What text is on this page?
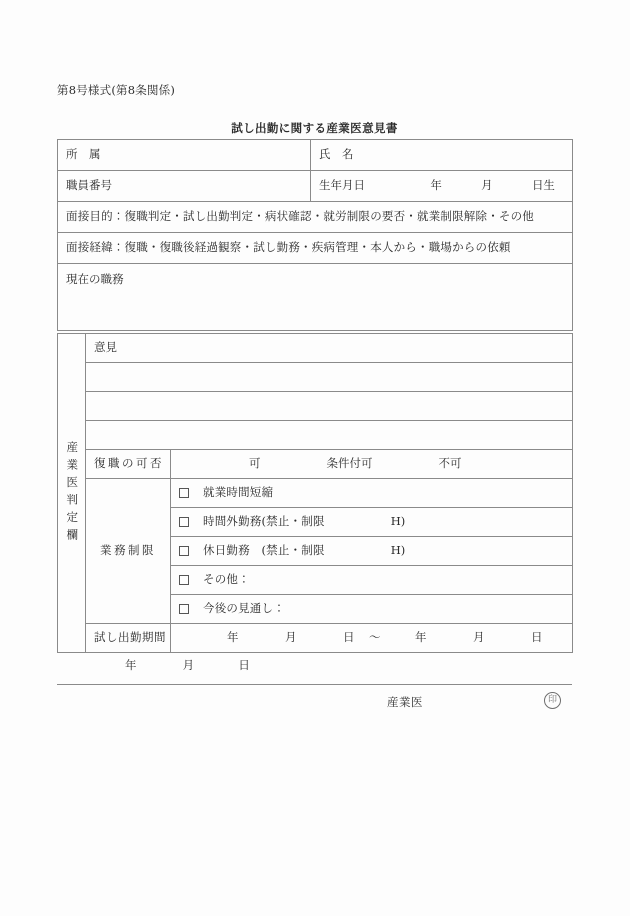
第8号様式(第8条関係)
試し出勤に関する産業医意見書
所　属	氏　名
職員番号	生年月日 年 月 日生
面接目的：復職判定・試し出勤判定・病状確認・就労制限の要否・就業制限解除・その他	
面接経緯：復職・復職後経過観察・試し勤務・疾病管理・本人から・職場からの依頼	
現在の職務	
産業医判定欄	意見	

	復職の可否	可 条件付可 不可

	業務制限	就業時間短縮

		時間外勤務(禁止・制限 H)

		休日勤務　(禁止・制限 H)

		その他：

		今後の見通し：

試し出勤期間	年	月	日	～	年	月	日
年	月	日
産業医	印
